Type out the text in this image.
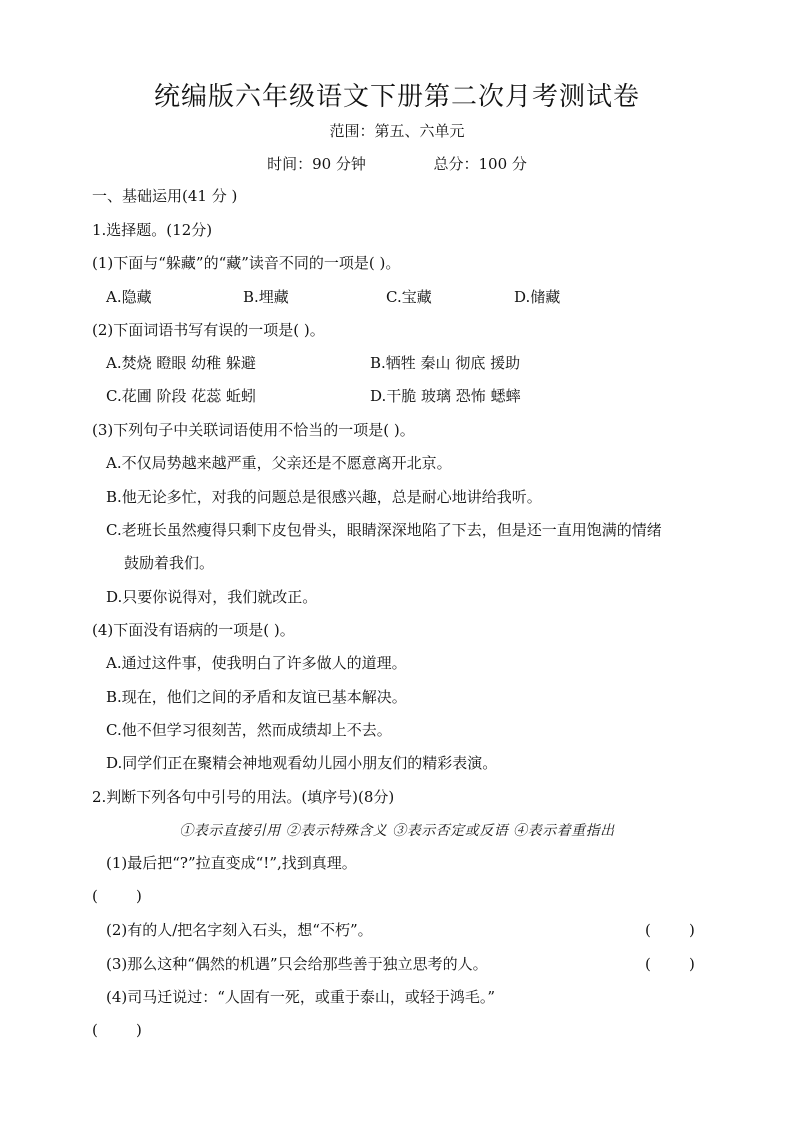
统编版六年级语文下册第二次月考测试卷
范围：第五、六单元
时间：90 分钟	总分：100 分
一、基础运用(41 分 )
1.选择题。(12分)
(1)下面与“躲藏”的“藏”读音不同的一项是( )。
A.隐藏	B.埋藏	C.宝藏	D.储藏
(2)下面词语书写有误的一项是( )。
A.焚烧 瞪眼 幼稚 躲避	B.牺牲 秦山 彻底 援助
C.花圃 阶段 花蕊 蚯蚓	D.干脆 玻璃 恐怖 蟋蟀
(3)下列句子中关联词语使用不恰当的一项是( )。
A.不仅局势越来越严重，父亲还是不愿意离开北京。
B.他无论多忙，对我的问题总是很感兴趣，总是耐心地讲给我听。
C.老班长虽然瘦得只剩下皮包骨头，眼睛深深地陷了下去，但是还一直用饱满的情绪
鼓励着我们。
D.只要你说得对，我们就改正。
(4)下面没有语病的一项是( )。
A.通过这件事，使我明白了许多做人的道理。
B.现在，他们之间的矛盾和友谊已基本解决。
C.他不但学习很刻苦，然而成绩却上不去。
D.同学们正在聚精会神地观看幼儿园小朋友们的精彩表演。
2.判断下列各句中引号的用法。(填序号)(8分)
①表示直接引用 ②表示特殊含义 ③表示否定或反语 ④表示着重指出
(1)最后把“?”拉直变成“!”,找到真理。
(        )
(2)有的人/把名字刻入石头，想“不朽”。	(        )
(3)那么这种“偶然的机遇”只会给那些善于独立思考的人。	(        )
(4)司马迁说过：“人固有一死，或重于泰山，或轻于鸿毛。”
(        )
